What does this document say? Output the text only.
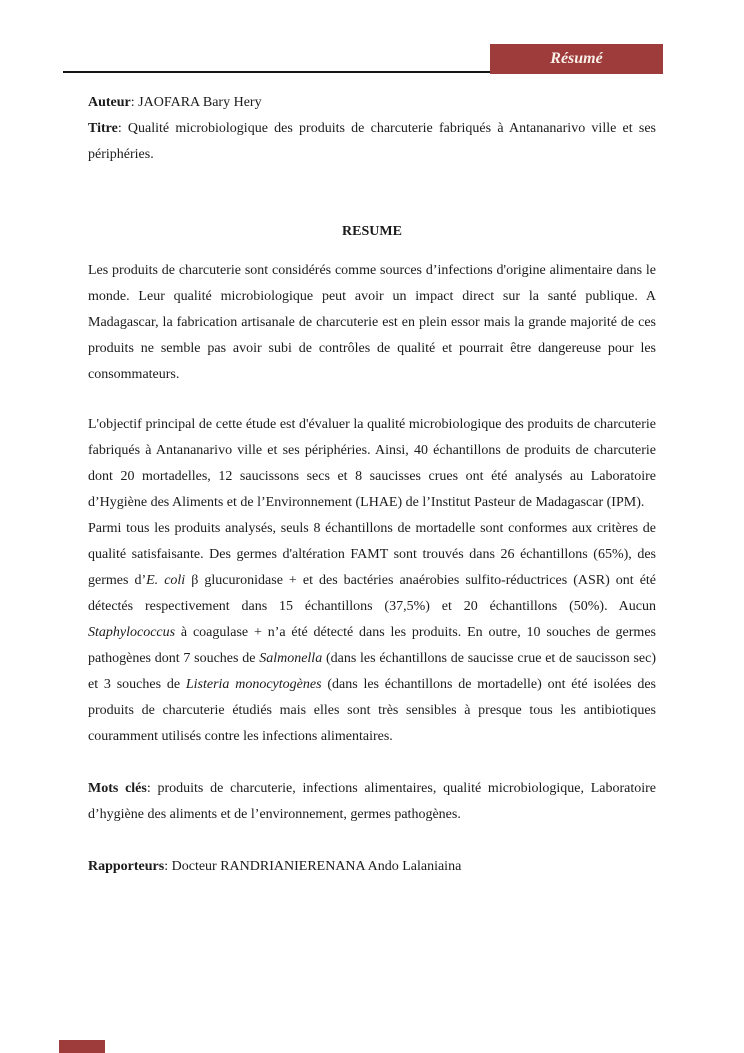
Résumé

Auteur: JAOFARA Bary Hery

Titre: Qualité microbiologique des produits de charcuterie fabriqués à Antananarivo ville et ses périphéries.

RESUME

Les produits de charcuterie sont considérés comme sources d’infections d'origine alimentaire dans le monde. Leur qualité microbiologique peut avoir un impact direct sur la santé publique. A Madagascar, la fabrication artisanale de charcuterie est en plein essor mais la grande majorité de ces produits ne semble pas avoir subi de contrôles de qualité et pourrait être dangereuse pour les consommateurs.

L'objectif principal de cette étude est d'évaluer la qualité microbiologique des produits de charcuterie fabriqués à Antananarivo ville et ses périphéries. Ainsi, 40 échantillons de produits de charcuterie dont 20 mortadelles, 12 saucissons secs et 8 saucisses crues ont été analysés au Laboratoire d’Hygiène des Aliments et de l’Environnement (LHAE) de l’Institut Pasteur de Madagascar (IPM).

Parmi tous les produits analysés, seuls 8 échantillons de mortadelle sont conformes aux critères de qualité satisfaisante. Des germes d'altération FAMT sont trouvés dans 26 échantillons (65%), des germes d’E. coli β glucuronidase + et des bactéries anaérobies sulfito-réductrices (ASR) ont été détectés respectivement dans 15 échantillons (37,5%) et 20 échantillons (50%). Aucun Staphylococcus à coagulase + n’a été détecté dans les produits. En outre, 10 souches de germes pathogènes dont 7 souches de Salmonella (dans les échantillons de saucisse crue et de saucisson sec) et 3 souches de Listeria monocytogènes (dans les échantillons de mortadelle) ont été isolées des produits de charcuterie étudiés mais elles sont très sensibles à presque tous les antibiotiques couramment utilisés contre les infections alimentaires.

Mots clés: produits de charcuterie, infections alimentaires, qualité microbiologique, Laboratoire d’hygiène des aliments et de l’environnement, germes pathogènes.

Rapporteurs: Docteur RANDRIANIERENANA Ando Lalaniaina
